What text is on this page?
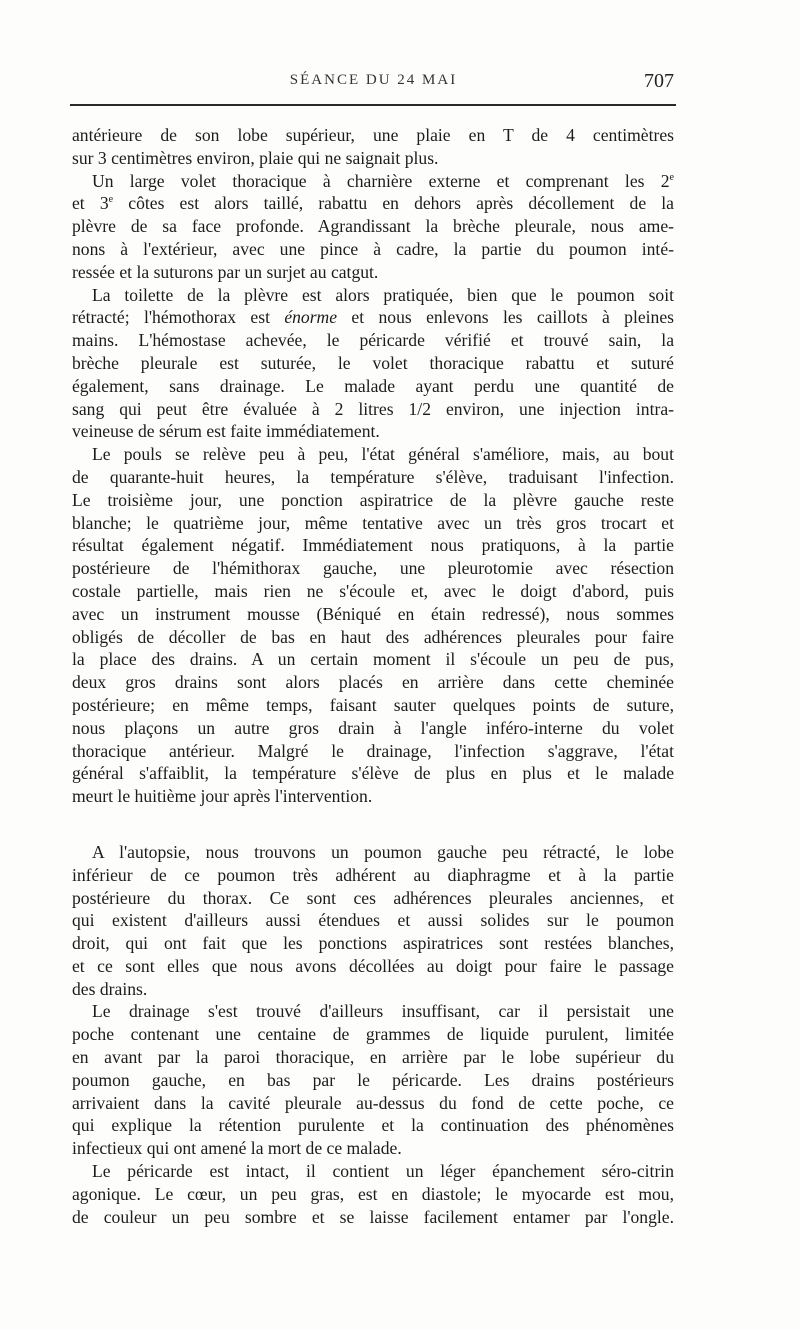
SÉANCE DU 24 MAI	707

antérieure de son lobe supérieur, une plaie en T de 4 centimètres
sur 3 centimètres environ, plaie qui ne saignait plus.

Un large volet thoracique à charnière externe et comprenant les 2e
et 3e côtes est alors taillé, rabattu en dehors après décollement de la
plèvre de sa face profonde. Agrandissant la brèche pleurale, nous ame-
nons à l'extérieur, avec une pince à cadre, la partie du poumon inté-
ressée et la suturons par un surjet au catgut.

La toilette de la plèvre est alors pratiquée, bien que le poumon soit
rétracté; l'hémothorax est énorme et nous enlevons les caillots à pleines
mains. L'hémostase achevée, le péricarde vérifié et trouvé sain, la
brèche pleurale est suturée, le volet thoracique rabattu et suturé
également, sans drainage. Le malade ayant perdu une quantité de
sang qui peut être évaluée à 2 litres 1/2 environ, une injection intra-
veineuse de sérum est faite immédiatement.

Le pouls se relève peu à peu, l'état général s'améliore, mais, au bout
de quarante-huit heures, la température s'élève, traduisant l'infection.
Le troisième jour, une ponction aspiratrice de la plèvre gauche reste
blanche; le quatrième jour, même tentative avec un très gros trocart et
résultat également négatif. Immédiatement nous pratiquons, à la partie
postérieure de l'hémithorax gauche, une pleurotomie avec résection
costale partielle, mais rien ne s'écoule et, avec le doigt d'abord, puis
avec un instrument mousse (Béniqué en étain redressé), nous sommes
obligés de décoller de bas en haut des adhérences pleurales pour faire
la place des drains. A un certain moment il s'écoule un peu de pus,
deux gros drains sont alors placés en arrière dans cette cheminée
postérieure; en même temps, faisant sauter quelques points de suture,
nous plaçons un autre gros drain à l'angle inféro-interne du volet
thoracique antérieur. Malgré le drainage, l'infection s'aggrave, l'état
général s'affaiblit, la température s'élève de plus en plus et le malade
meurt le huitième jour après l'intervention.

A l'autopsie, nous trouvons un poumon gauche peu rétracté, le lobe
inférieur de ce poumon très adhérent au diaphragme et à la partie
postérieure du thorax. Ce sont ces adhérences pleurales anciennes, et
qui existent d'ailleurs aussi étendues et aussi solides sur le poumon
droit, qui ont fait que les ponctions aspiratrices sont restées blanches,
et ce sont elles que nous avons décollées au doigt pour faire le passage
des drains.

Le drainage s'est trouvé d'ailleurs insuffisant, car il persistait une
poche contenant une centaine de grammes de liquide purulent, limitée
en avant par la paroi thoracique, en arrière par le lobe supérieur du
poumon gauche, en bas par le péricarde. Les drains postérieurs
arrivaient dans la cavité pleurale au-dessus du fond de cette poche, ce
qui explique la rétention purulente et la continuation des phénomènes
infectieux qui ont amené la mort de ce malade.

Le péricarde est intact, il contient un léger épanchement séro-citrin
agonique. Le cœur, un peu gras, est en diastole; le myocarde est mou,
de couleur un peu sombre et se laisse facilement entamer par l'ongle.
